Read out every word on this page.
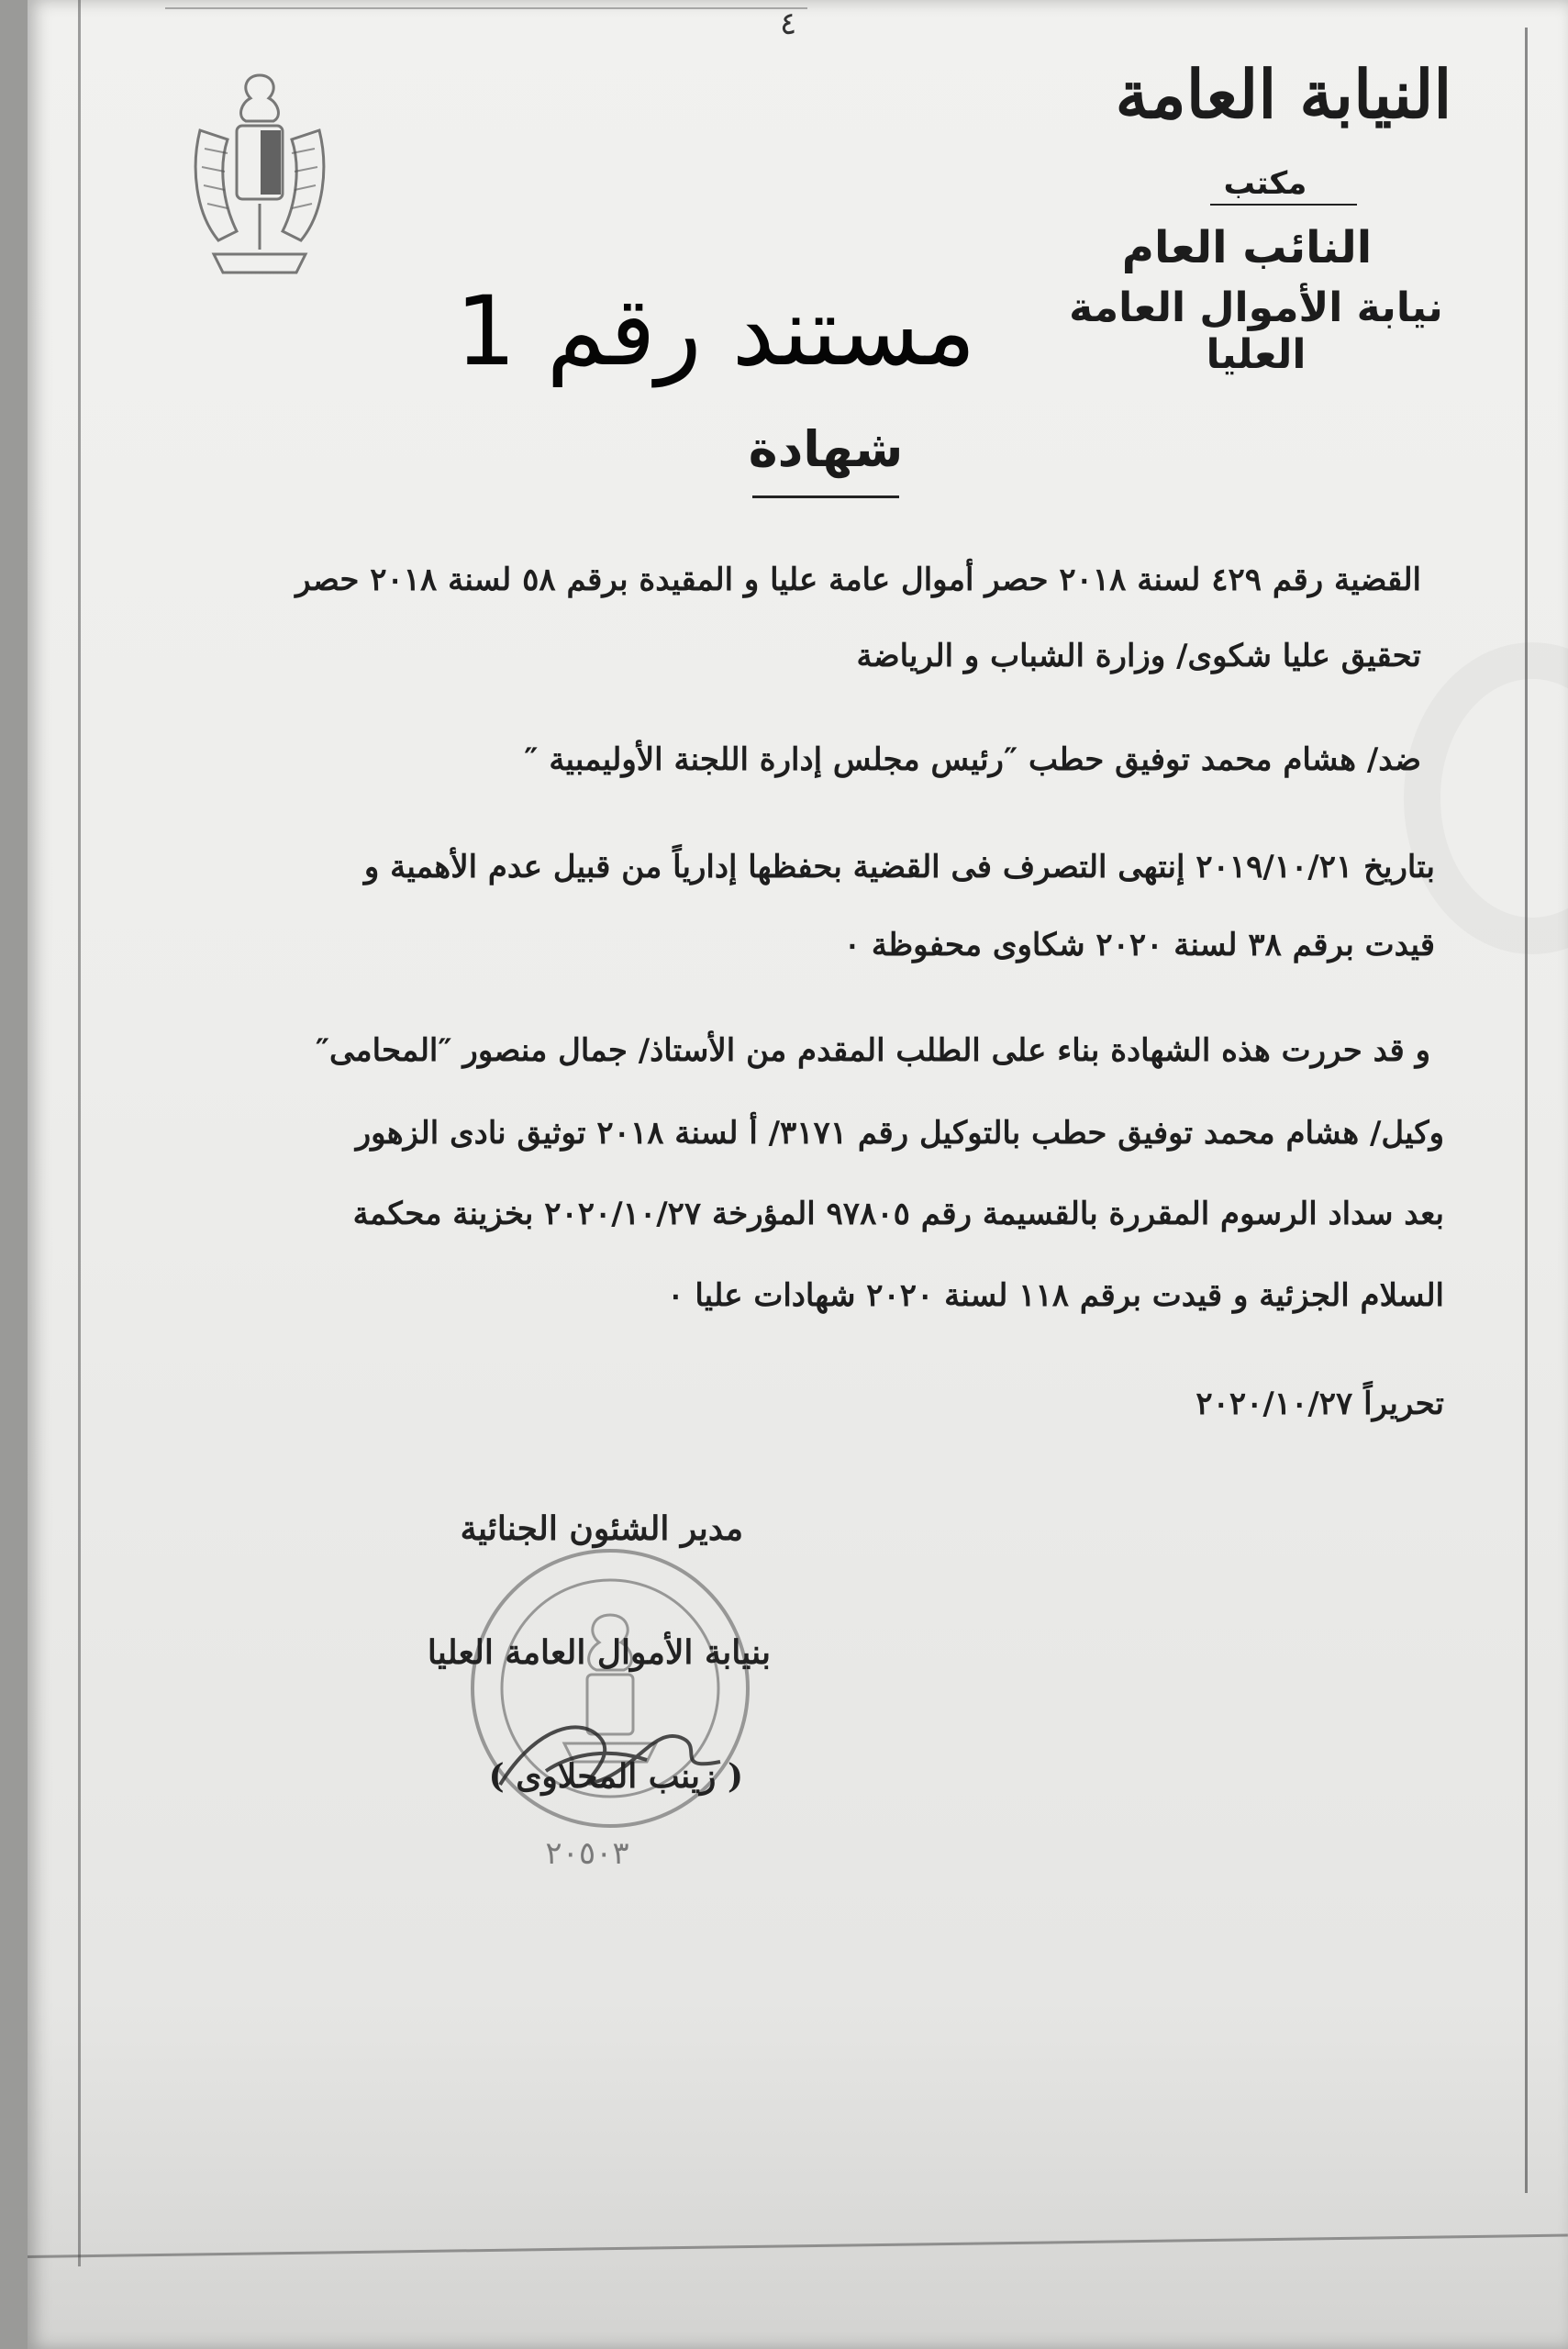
٤
النيابة العامة
مكتب
النائب العام
نيابة الأموال العامة العليا
مستند رقم 1
شهادة
القضية رقم ٤٢٩ لسنة ٢٠١٨ حصر أموال عامة عليا و المقيدة برقم ٥٨ لسنة ٢٠١٨ حصر
تحقيق عليا شكوى/ وزارة الشباب و الرياضة
ضد/ هشام محمد توفيق حطب ″رئيس مجلس إدارة اللجنة الأوليمبية ″
بتاريخ ٢٠١٩/١٠/٢١ إنتهى التصرف فى القضية بحفظها إدارياً من قبيل عدم الأهمية و
قيدت برقم ٣٨ لسنة ٢٠٢٠ شكاوى محفوظة ٠
و قد حررت هذه الشهادة بناء على الطلب المقدم من الأستاذ/ جمال منصور ″المحامى″
وكيل/ هشام محمد توفيق حطب بالتوكيل رقم ٣١٧١/ أ لسنة ٢٠١٨ توثيق نادى الزهور
بعد سداد الرسوم المقررة بالقسيمة رقم ٩٧٨٠٥ المؤرخة ٢٠٢٠/١٠/٢٧ بخزينة محكمة
السلام الجزئية و قيدت برقم ١١٨ لسنة ٢٠٢٠ شهادات عليا ٠
تحريراً ٢٠٢٠/١٠/٢٧
مدير الشئون الجنائية
بنيابة الأموال العامة العليا
( زينب المحلاوى )
٢٠٥٠٣
